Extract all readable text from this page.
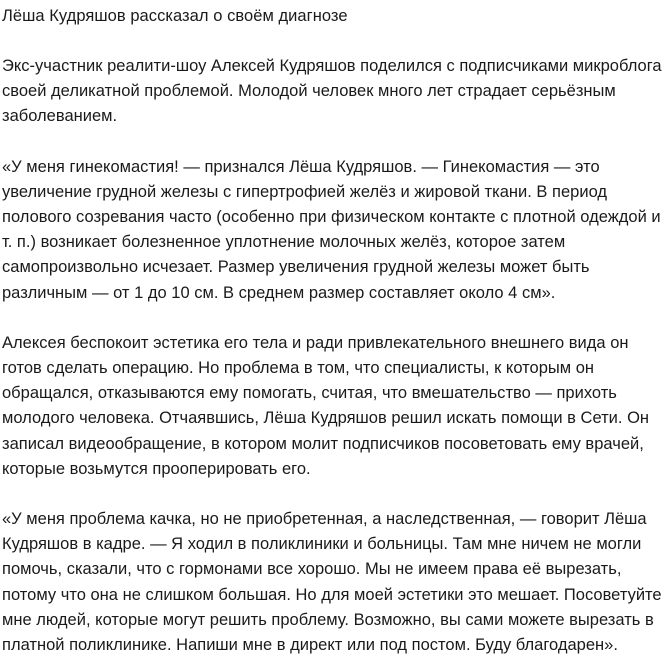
Лёша Кудряшов рассказал о своём диагнозе

Экс-участник реалити-шоу Алексей Кудряшов поделился с подписчиками микроблога своей деликатной проблемой. Молодой человек много лет страдает серьёзным заболеванием.

«У меня гинекомастия! — признался Лёша Кудряшов. — Гинекомастия — это увеличение грудной железы с гипертрофией желёз и жировой ткани. В период полового созревания часто (особенно при физическом контакте с плотной одеждой и т. п.) возникает болезненное уплотнение молочных желёз, которое затем самопроизвольно исчезает. Размер увеличения грудной железы может быть различным — от 1 до 10 см. В среднем размер составляет около 4 см».

Алексея беспокоит эстетика его тела и ради привлекательного внешнего вида он готов сделать операцию. Но проблема в том, что специалисты, к которым он обращался, отказываются ему помогать, считая, что вмешательство — прихоть молодого человека. Отчаявшись, Лёша Кудряшов решил искать помощи в Сети. Он записал видеообращение, в котором молит подписчиков посоветовать ему врачей, которые возьмутся прооперировать его.

«У меня проблема качка, но не приобретенная, а наследственная, — говорит Лёша Кудряшов в кадре. — Я ходил в поликлиники и больницы. Там мне ничем не могли помочь, сказали, что с гормонами все хорошо. Мы не имеем права её вырезать, потому что она не слишком большая. Но для моей эстетики это мешает. Посоветуйте мне людей, которые могут решить проблему. Возможно, вы сами можете вырезать в платной поликлинике. Напиши мне в директ или под постом. Буду благодарен».
